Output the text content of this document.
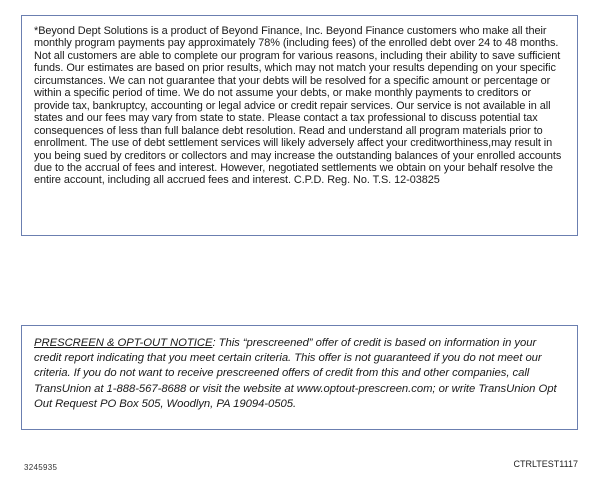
*Beyond Dept Solutions is a product of Beyond Finance, Inc. Beyond Finance customers who make all their monthly program payments pay approximately 78% (including fees) of the enrolled debt over 24 to 48 months. Not all customers are able to complete our program for various reasons, including their ability to save sufficient funds. Our estimates are based on prior results, which may not match your results depending on your specific circumstances. We can not guarantee that your debts will be resolved for a specific amount or percentage or within a specific period of time. We do not assume your debts, or make monthly payments to creditors or provide tax, bankruptcy, accounting or legal advice or credit repair services. Our service is not available in all states and our fees may vary from state to state. Please contact a tax professional to discuss potential tax consequences of less than full balance debt resolution. Read and understand all program materials prior to enrollment. The use of debt settlement services will likely adversely affect your creditworthiness,may result in you being sued by creditors or collectors and may increase the outstanding balances of your enrolled accounts due to the accrual of fees and interest. However, negotiated settlements we obtain on your behalf resolve the entire account, including all accrued fees and interest. C.P.D. Reg. No. T.S. 12-03825

PRESCREEN & OPT-OUT NOTICE: This “prescreened” offer of credit is based on information in your credit report indicating that you meet certain criteria. This offer is not guaranteed if you do not meet our criteria. If you do not want to receive prescreened offers of credit from this and other companies, call TransUnion at 1-888-567-8688 or visit the website at www.optout-prescreen.com; or write TransUnion Opt Out Request PO Box 505, Woodlyn, PA 19094-0505.

3245935	CTRLTEST1117
